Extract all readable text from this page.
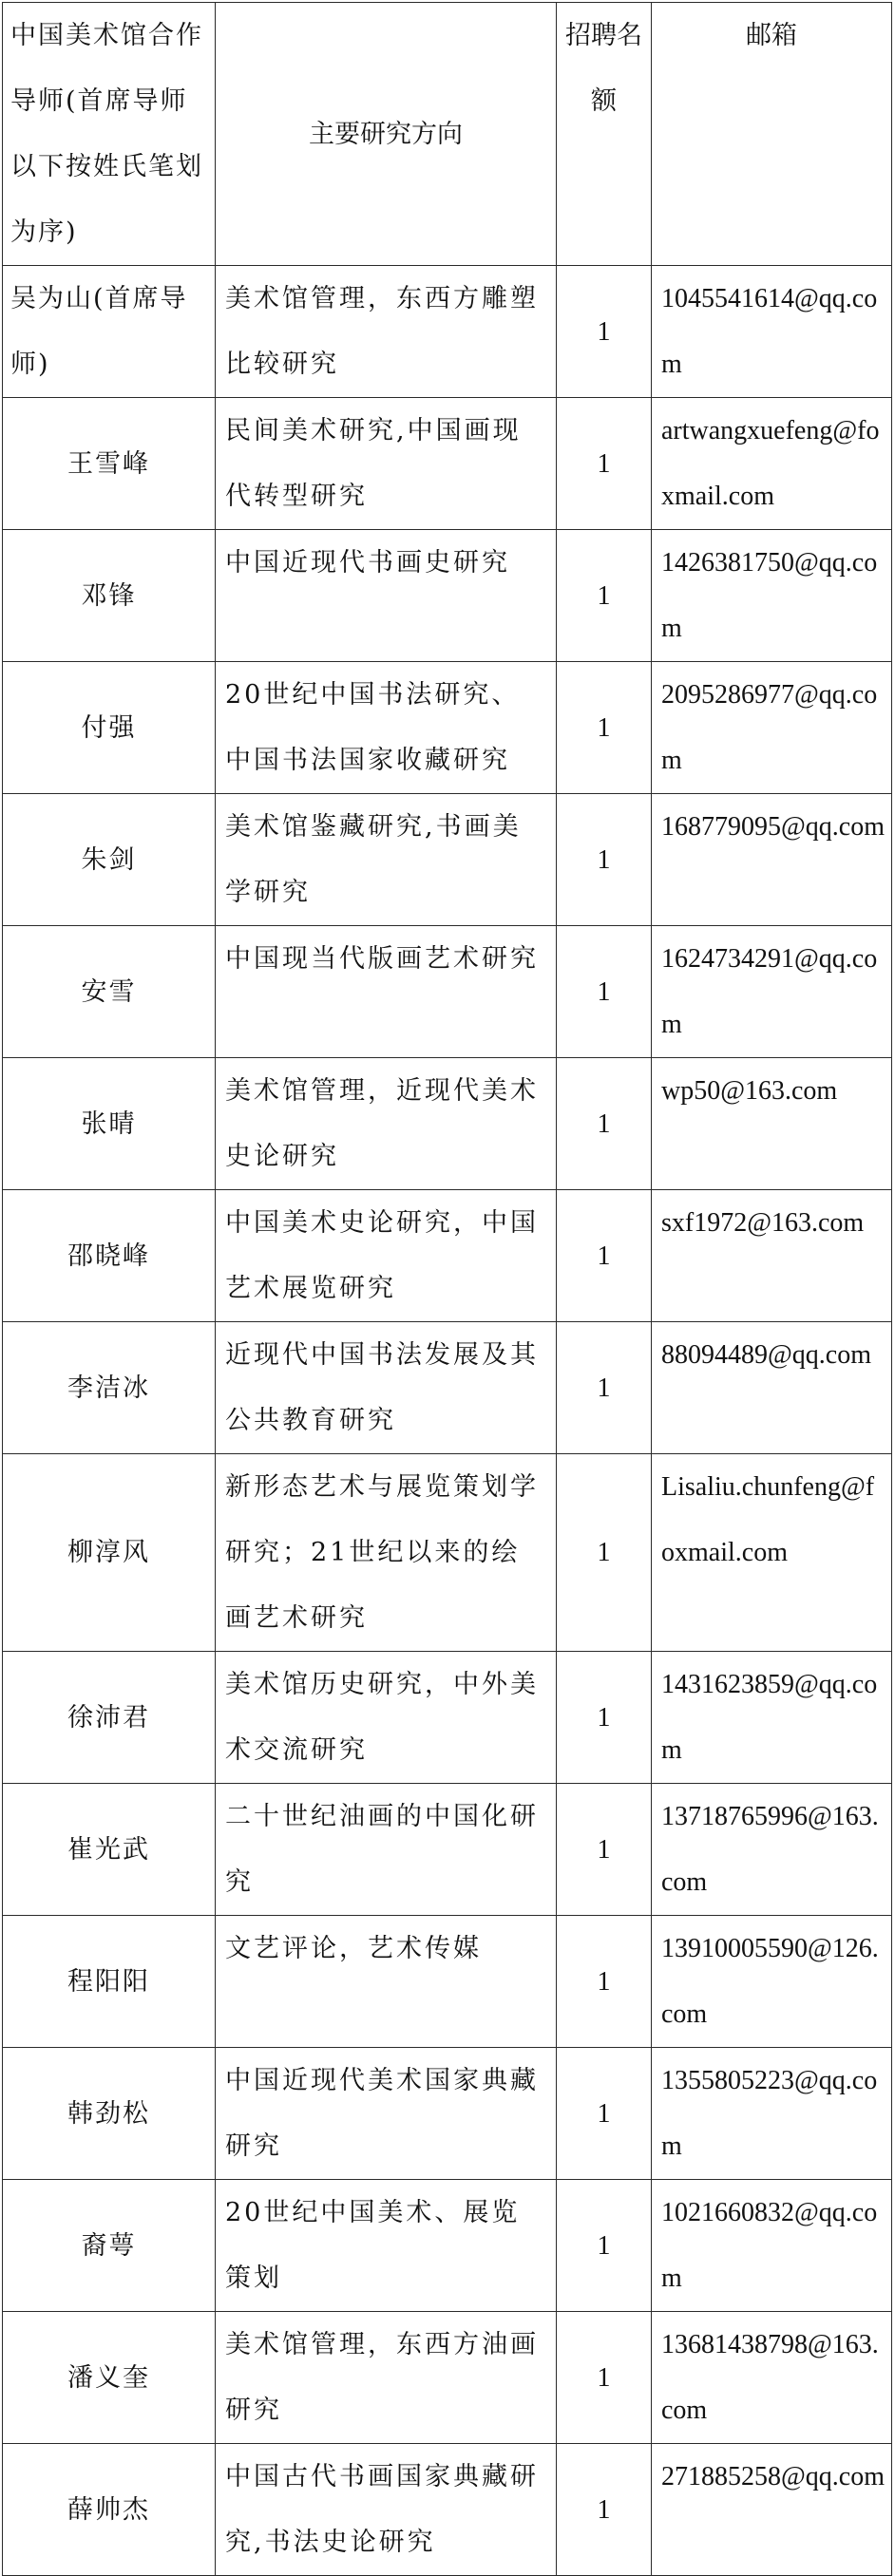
中国美术馆合作导师(首席导师以下按姓氏笔划为序)	主要研究方向	招聘名额	邮箱
吴为山(首席导师)	美术馆管理，东西方雕塑比较研究	1	1045541614@qq.com
王雪峰	民间美术研究,中国画现代转型研究	1	artwangxuefeng@foxmail.com
邓锋	中国近现代书画史研究	1	1426381750@qq.com
付强	20世纪中国书法研究、中国书法国家收藏研究	1	2095286977@qq.com
朱剑	美术馆鉴藏研究,书画美学研究	1	168779095@qq.com
安雪	中国现当代版画艺术研究	1	1624734291@qq.com
张晴	美术馆管理，近现代美术史论研究	1	wp50@163.com
邵晓峰	中国美术史论研究，中国艺术展览研究	1	sxf1972@163.com
李洁冰	近现代中国书法发展及其公共教育研究	1	88094489@qq.com
柳淳风	新形态艺术与展览策划学研究；21世纪以来的绘画艺术研究	1	Lisaliu.chunfeng@foxmail.com
徐沛君	美术馆历史研究，中外美术交流研究	1	1431623859@qq.com
崔光武	二十世纪油画的中国化研究	1	13718765996@163.com
程阳阳	文艺评论，艺术传媒	1	13910005590@126.com
韩劲松	中国近现代美术国家典藏研究	1	1355805223@qq.com
裔萼	20世纪中国美术、展览策划	1	1021660832@qq.com
潘义奎	美术馆管理，东西方油画研究	1	13681438798@163.com
薛帅杰	中国古代书画国家典藏研究,书法史论研究	1	271885258@qq.com
